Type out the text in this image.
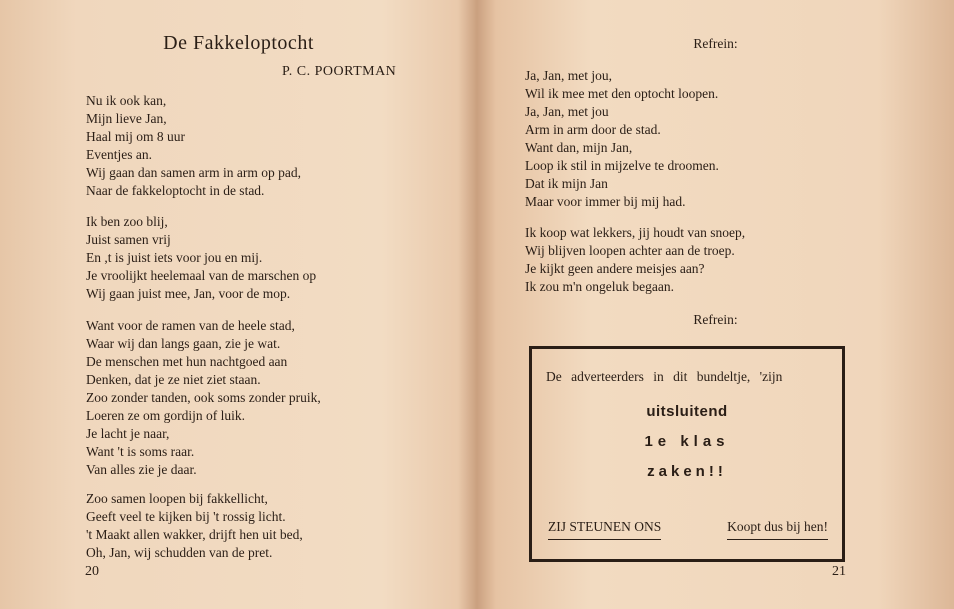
De Fakkeloptocht
P. C. POORTMAN
Nu ik ook kan,
Mijn lieve Jan,
Haal mij om 8 uur
Eventjes an.
Wij gaan dan samen arm in arm op pad,
Naar de fakkeloptocht in de stad.
Ik ben zoo blij,
Juist samen vrij
En ,t is juist iets voor jou en mij.
Je vroolijkt heelemaal van de marschen op
Wij gaan juist mee, Jan, voor de mop.
Want voor de ramen van de heele stad,
Waar wij dan langs gaan, zie je wat.
De menschen met hun nachtgoed aan
Denken, dat je ze niet ziet staan.
Zoo zonder tanden, ook soms zonder pruik,
Loeren ze om gordijn of luik.
Je lacht je naar,
Want 't is soms raar.
Van alles zie je daar.
Zoo samen loopen bij fakkellicht,
Geeft veel te kijken bij 't rossig licht.
't Maakt allen wakker, drijft hen uit bed,
Oh, Jan, wij schudden van de pret.
20
Refrein:
Ja, Jan, met jou,
Wil ik mee met den optocht loopen.
Ja, Jan, met jou
Arm in arm door de stad.
Want dan, mijn Jan,
Loop ik stil in mijzelve te droomen.
Dat ik mijn Jan
Maar voor immer bij mij had.
Ik koop wat lekkers, jij houdt van snoep,
Wij blijven loopen achter aan de troep.
Je kijkt geen andere meisjes aan?
Ik zou m'n ongeluk begaan.
Refrein:
De adverteerders in dit bundeltje, 'zijn
uitsluitend
1e klas
zaken!!
ZIJ STEUNEN ONS	Koopt dus bij hen!
21
